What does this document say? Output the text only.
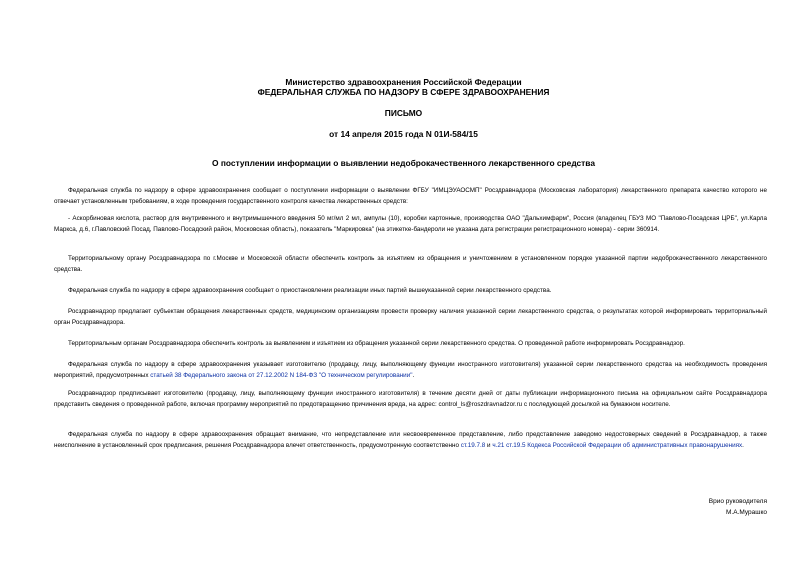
Министерство здравоохранения Российской Федерации
ФЕДЕРАЛЬНАЯ СЛУЖБА ПО НАДЗОРУ В СФЕРЕ ЗДРАВООХРАНЕНИЯ
ПИСЬМО
от 14 апреля 2015 года N 01И-584/15
О поступлении информации о выявлении недоброкачественного лекарственного средства

Федеральная служба по надзору в сфере здравоохранения сообщает о поступлении информации о выявлении ФГБУ "ИМЦЭУАОСМП" Росздравнадзора (Московская лаборатория) лекарственного препарата качество которого не отвечает установленным требованиям, в ходе проведения государственного контроля качества лекарственных средств:

- Аскорбиновая кислота, раствор для внутривенного и внутримышечного введения 50 мг/мл 2 мл, ампулы (10), коробки картонные, производства ОАО "Дальхимфарм", Россия (владелец ГБУЗ МО "Павлово-Посадская ЦРБ", ул.Карла Маркса, д.6, г.Павловский Посад, Павлово-Посадский район, Московская область), показатель "Маркировка" (на этикетке-бандероли не указана дата регистрации регистрационного номера) - серии 360914.

Территориальному органу Росздравнадзора по г.Москве и Московской области обеспечить контроль за изъятием из обращения и уничтожением в установленном порядке указанной партии недоброкачественного лекарственного средства.

Федеральная служба по надзору в сфере здравоохранения сообщает о приостановлении реализации иных партий вышеуказанной серии лекарственного средства.

Росздравнадзор предлагает субъектам обращения лекарственных средств, медицинским организациям провести проверку наличия указанной серии лекарственного средства, о результатах которой информировать территориальный орган Росздравнадзора.

Территориальным органам Росздравнадзора обеспечить контроль за выявлением и изъятием из обращения указанной серии лекарственного средства. О проведенной работе информировать Росздравнадзор.

Федеральная служба по надзору в сфере здравоохранения указывает изготовителю (продавцу, лицу, выполняющему функции иностранного изготовителя) указанной серии лекарственного средства на необходимость проведения мероприятий, предусмотренных статьей 38 Федерального закона от 27.12.2002 N 184-ФЗ "О техническом регулировании".

Росздравнадзор предписывает изготовителю (продавцу, лицу, выполняющему функции иностранного изготовителя) в течение десяти дней от даты публикации информационного письма на официальном сайте Росздравнадзора представить сведения о проведенной работе, включая программу мероприятий по предотвращению причинения вреда, на адрес: control_ls@roszdravnadzor.ru с последующей досылкой на бумажном носителе.

Федеральная служба по надзору в сфере здравоохранения обращает внимание, что непредставление или несвоевременное представление, либо представление заведомо недостоверных сведений в Росздравнадзор, а также неисполнение в установленный срок предписания, решения Росздравнадзора влечет ответственность, предусмотренную соответственно ст.19.7.8 и ч.21 ст.19.5 Кодекса Российской Федерации об административных правонарушениях.

Врио руководителя
М.А.Мурашко
